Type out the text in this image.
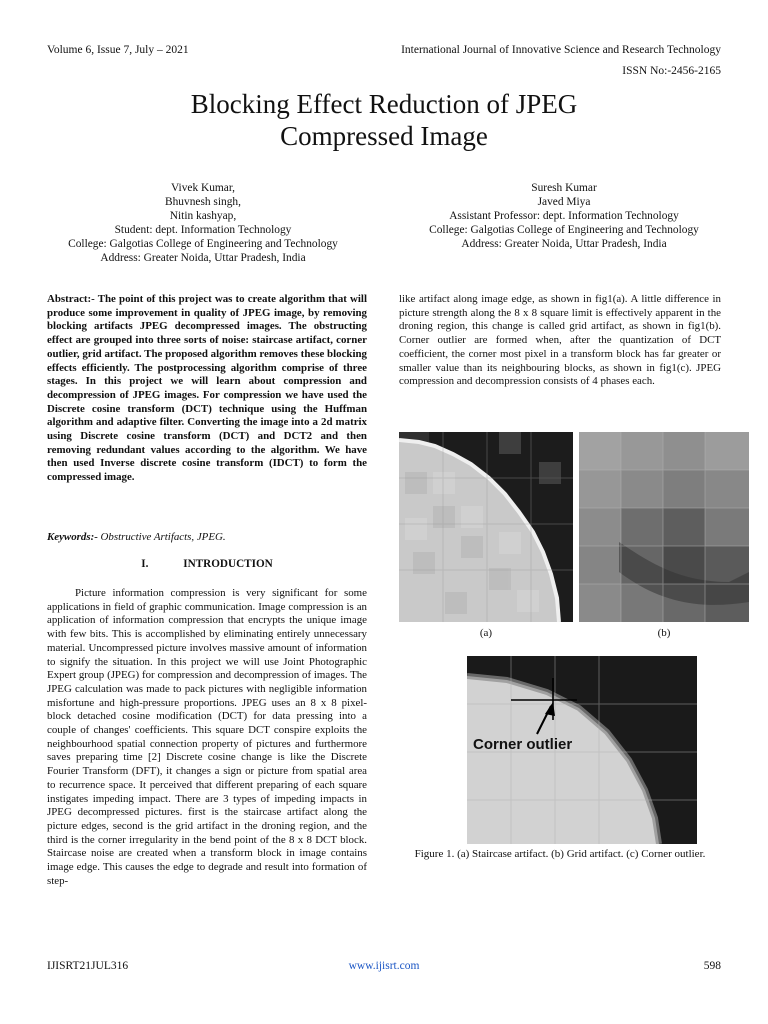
Volume 6, Issue 7, July – 2021	International Journal of Innovative Science and Research Technology
ISSN No:-2456-2165
Blocking Effect Reduction of JPEG
Compressed Image
Vivek Kumar,
Bhuvnesh singh,
Nitin kashyap,
Student: dept. Information Technology
College: Galgotias College of Engineering and Technology
Address: Greater Noida, Uttar Pradesh, India
Suresh Kumar
Javed Miya
Assistant Professor: dept. Information Technology
College: Galgotias College of Engineering and Technology
Address: Greater Noida, Uttar Pradesh, India
Abstract:- The point of this project was to create algorithm that will produce some improvement in quality of JPEG image, by removing blocking artifacts JPEG decompressed images. The obstructing effect are grouped into three sorts of noise: staircase artifact, corner outlier, grid artifact. The proposed algorithm removes these blocking effects efficiently. The postprocessing algorithm comprise of three stages. In this project we will learn about compression and decompression of JPEG images. For compression we have used the Discrete cosine transform (DCT) technique using the Huffman algorithm and adaptive filter. Converting the image into a 2d matrix using Discrete cosine transform (DCT) and DCT2 and then removing redundant values according to the algorithm. We have then used Inverse discrete cosine transform (IDCT) to form the compressed image.
Keywords:- Obstructive Artifacts, JPEG.
I.	INTRODUCTION
Picture information compression is very significant for some applications in field of graphic communication. Image compression is an application of information compression that encrypts the unique image with few bits. This is accomplished by eliminating entirely unnecessary material. Uncompressed picture involves massive amount of information to signify the situation. In this project we will use Joint Photographic Expert group (JPEG) for compression and decompression of images. The JPEG calculation was made to pack pictures with negligible information misfortune and high-pressure proportions. JPEG uses an 8 x 8 pixel-block detached cosine modification (DCT) for data pressing into a couple of changes' coefficients. This square DCT conspire exploits the neighbourhood spatial connection property of pictures and furthermore saves preparing time [2] Discrete cosine change is like the Discrete Fourier Transform (DFT), it changes a sign or picture from spatial area to recurrence space. It perceived that different preparing of each square instigates impeding impact. There are 3 types of impeding impacts in JPEG decompressed pictures. first is the staircase artifact along the picture edges, second is the grid artifact in the droning region, and the third is the corner irregularity in the bend point of the 8 x 8 DCT block. Staircase noise are created when a transform block in image contains image edge. This causes the edge to degrade and result into formation of step-
like artifact along image edge, as shown in fig1(a). A little difference in picture strength along the 8 x 8 square limit is effectively apparent in the droning region, this change is called grid artifact, as shown in fig1(b). Corner outlier are formed when, after the quantization of DCT coefficient, the corner most pixel in a transform block has far greater or smaller value than its neighbouring blocks, as shown in fig1(c). JPEG compression and decompression consists of 4 phases each.
(a)	(b)
Corner outlier
Figure 1. (a) Staircase artifact. (b) Grid artifact. (c) Corner outlier.
IJISRT21JUL316	www.ijisrt.com	598
